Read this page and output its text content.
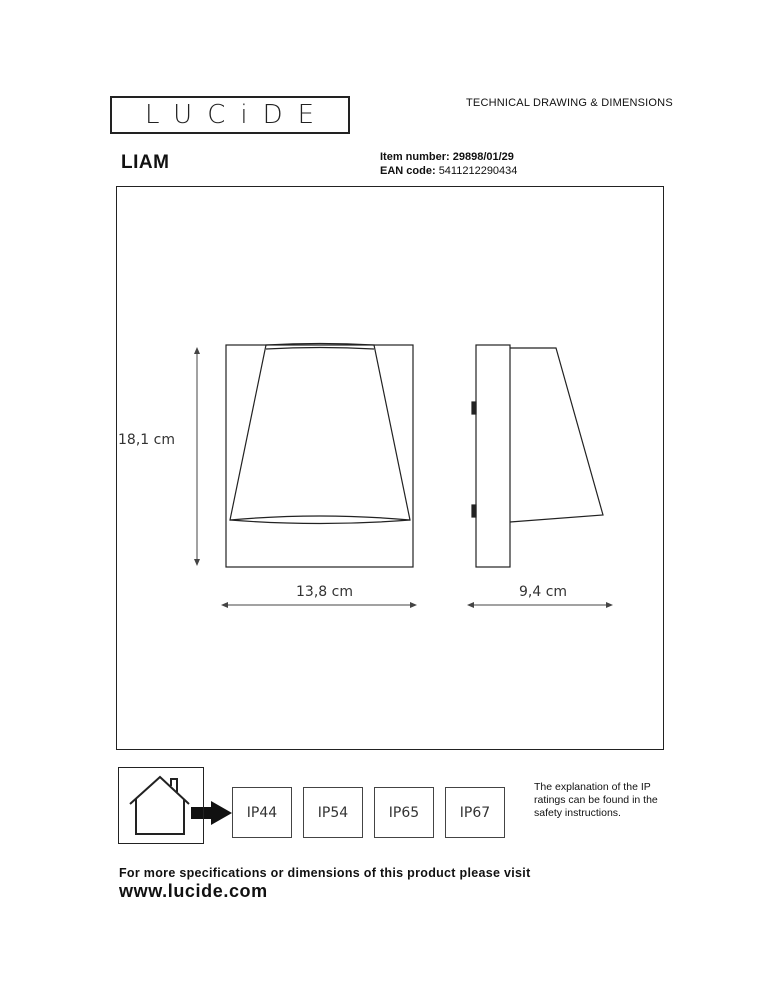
LUCiDE	TECHNICAL DRAWING & DIMENSIONS
LIAM	Item number: 29898/01/29
EAN code: 5411212290434
18,1 cm
13,8 cm	9,4 cm
IP44	IP54	IP65	IP67
The explanation of the IP ratings can be found in the safety instructions.
For more specifications or dimensions of this product please visit
www.lucide.com
